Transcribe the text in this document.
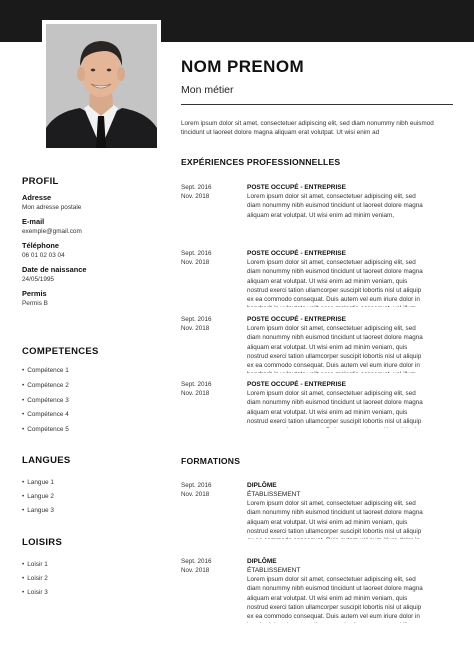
NOM PRENOM
Mon métier
Lorem ipsum dolor sit amet, consectetuer adipiscing elit, sed diam nonummy nibh euismod tincidunt ut laoreet dolore magna aliquam erat volutpat. Ut wisi enim ad
PROFIL
Adresse
Mon adresse postale
E-mail
exemple@gmail.com
Téléphone
06 01 02 03 04
Date de naissance
24/05/1995
Permis
Permis B
COMPETENCES
• Compétence 1
• Compétence 2
• Compétence 3
• Compétence 4
• Compétence 5
LANGUES
• Langue 1
• Langue 2
• Langue 3
LOISIRS
• Loisir 1
• Loisir 2
• Loisir 3
EXPÉRIENCES PROFESSIONNELLES
Sept. 2016
Nov. 2018
POSTE OCCUPÉ - ENTREPRISE
Lorem ipsum dolor sit amet, consectetuer adipiscing elit, sed diam nonummy nibh euismod tincidunt ut laoreet dolore magna aliquam erat volutpat. Ut wisi enim ad minim veniam,
Sept. 2016
Nov. 2018
POSTE OCCUPÉ - ENTREPRISE
Lorem ipsum dolor sit amet, consectetuer adipiscing elit, sed diam nonummy nibh euismod tincidunt ut laoreet dolore magna aliquam erat volutpat. Ut wisi enim ad minim veniam, quis nostrud exerci tation ullamcorper suscipit lobortis nisl ut aliquip ex ea commodo consequat. Duis autem vel eum iriure dolor in
Sept. 2016
Nov. 2018
POSTE OCCUPÉ - ENTREPRISE
Lorem ipsum dolor sit amet, consectetuer adipiscing elit, sed diam nonummy nibh euismod tincidunt ut laoreet dolore magna aliquam erat volutpat. Ut wisi enim ad minim veniam, quis nostrud exerci tation ullamcorper suscipit lobortis nisl ut aliquip ex ea commodo consequat. Duis autem vel eum iriure dolor in
Sept. 2016
Nov. 2018
POSTE OCCUPÉ - ENTREPRISE
Lorem ipsum dolor sit amet, consectetuer adipiscing elit, sed diam nonummy nibh euismod tincidunt ut laoreet dolore magna aliquam erat volutpat. Ut wisi enim ad minim veniam, quis nostrud exerci tation ullamcorper suscipit lobortis nisl ut aliquip
FORMATIONS
Sept. 2016
Nov. 2018
DIPLÔME
ÉTABLISSEMENT
Lorem ipsum dolor sit amet, consectetuer adipiscing elit, sed diam nonummy nibh euismod tincidunt ut laoreet dolore magna aliquam erat volutpat. Ut wisi enim ad minim veniam, quis nostrud exerci tation ullamcorper suscipit lobortis nisl ut aliquip
Sept. 2016
Nov. 2018
DIPLÔME
ÉTABLISSEMENT
Lorem ipsum dolor sit amet, consectetuer adipiscing elit, sed diam nonummy nibh euismod tincidunt ut laoreet dolore magna aliquam erat volutpat. Ut wisi enim ad minim veniam, quis nostrud exerci tation ullamcorper suscipit lobortis nisl ut aliquip ex ea commodo consequat. Duis autem vel eum iriure dolor in
